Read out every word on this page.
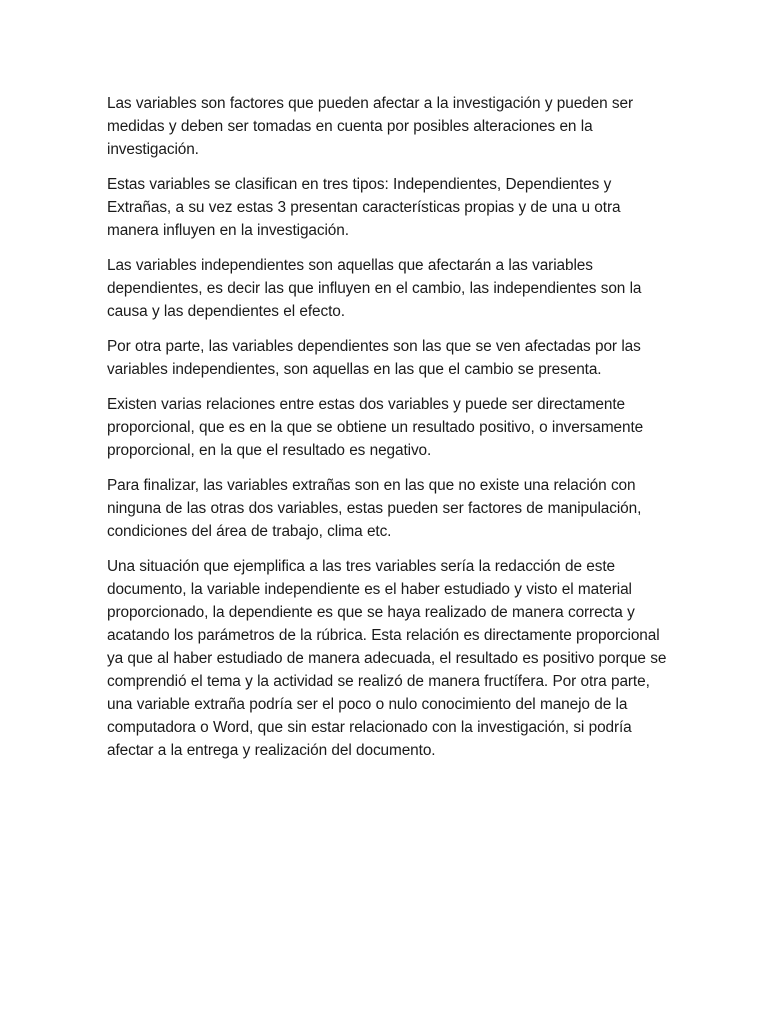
Las variables son factores que pueden afectar a la investigación y pueden ser medidas y deben ser tomadas en cuenta por posibles alteraciones en la investigación.

Estas variables se clasifican en tres tipos: Independientes, Dependientes y Extrañas, a su vez estas 3 presentan características propias y de una u otra manera influyen en la investigación.

Las variables independientes son aquellas que afectarán a las variables dependientes, es decir las que influyen en el cambio, las independientes son la causa y las dependientes el efecto.

Por otra parte, las variables dependientes son las que se ven afectadas por las variables independientes, son aquellas en las que el cambio se presenta.

Existen varias relaciones entre estas dos variables y puede ser directamente proporcional, que es en la que se obtiene un resultado positivo, o inversamente proporcional, en la que el resultado es negativo.

Para finalizar, las variables extrañas son en las que no existe una relación con ninguna de las otras dos variables, estas pueden ser factores de manipulación, condiciones del área de trabajo, clima etc.

Una situación que ejemplifica a las tres variables sería la redacción de este documento, la variable independiente es el haber estudiado y visto el material proporcionado, la dependiente es que se haya realizado de manera correcta y acatando los parámetros de la rúbrica. Esta relación es directamente proporcional ya que al haber estudiado de manera adecuada, el resultado es positivo porque se comprendió el tema y la actividad se realizó de manera fructífera. Por otra parte, una variable extraña podría ser el poco o nulo conocimiento del manejo de la computadora o Word, que sin estar relacionado con la investigación, si podría afectar a la entrega y realización del documento.
